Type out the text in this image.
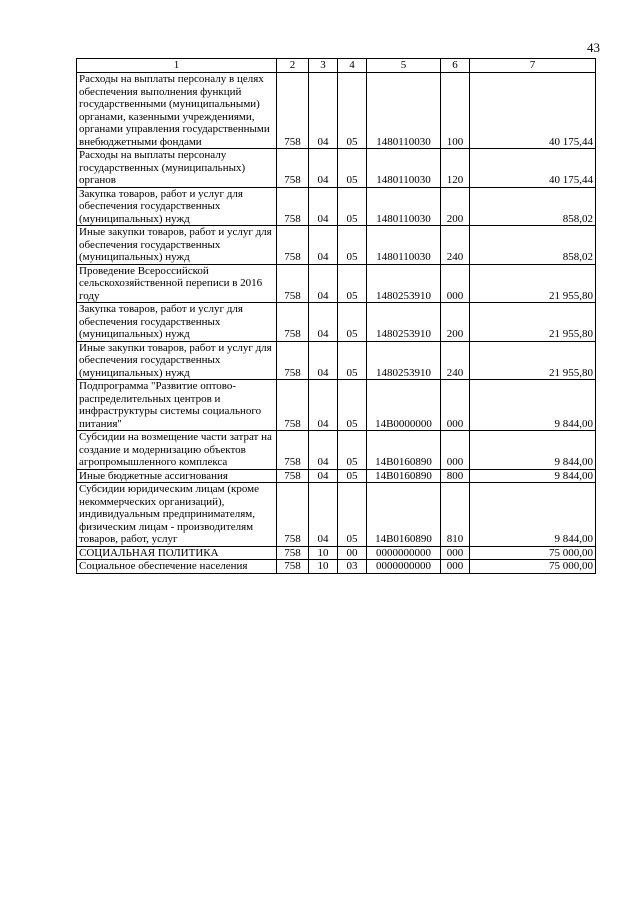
43
1	2	3	4	5	6	7
Расходы на выплаты персоналу в целях обеспечения выполнения функций государственными (муниципальными) органами, казенными учреждениями, органами управления государственными внебюджетными фондами	758	04	05	1480110030	100	40 175,44
Расходы на выплаты персоналу государственных (муниципальных) органов	758	04	05	1480110030	120	40 175,44
Закупка товаров, работ и услуг для обеспечения государственных (муниципальных) нужд	758	04	05	1480110030	200	858,02
Иные закупки товаров, работ и услуг для обеспечения государственных (муниципальных) нужд	758	04	05	1480110030	240	858,02
Проведение Всероссийской сельскохозяйственной переписи в 2016 году	758	04	05	1480253910	000	21 955,80
Закупка товаров, работ и услуг для обеспечения государственных (муниципальных) нужд	758	04	05	1480253910	200	21 955,80
Иные закупки товаров, работ и услуг для обеспечения государственных (муниципальных) нужд	758	04	05	1480253910	240	21 955,80
Подпрограмма "Развитие оптово-распределительных центров и инфраструктуры системы социального питания"	758	04	05	14В0000000	000	9 844,00
Субсидии на возмещение части затрат на создание и модернизацию объектов агропромышленного комплекса	758	04	05	14В0160890	000	9 844,00
Иные бюджетные ассигнования	758	04	05	14В0160890	800	9 844,00
Субсидии юридическим лицам (кроме некоммерческих организаций), индивидуальным предпринимателям, физическим лицам - производителям товаров, работ, услуг	758	04	05	14В0160890	810	9 844,00
СОЦИАЛЬНАЯ ПОЛИТИКА	758	10	00	0000000000	000	75 000,00
Социальное обеспечение населения	758	10	03	0000000000	000	75 000,00
